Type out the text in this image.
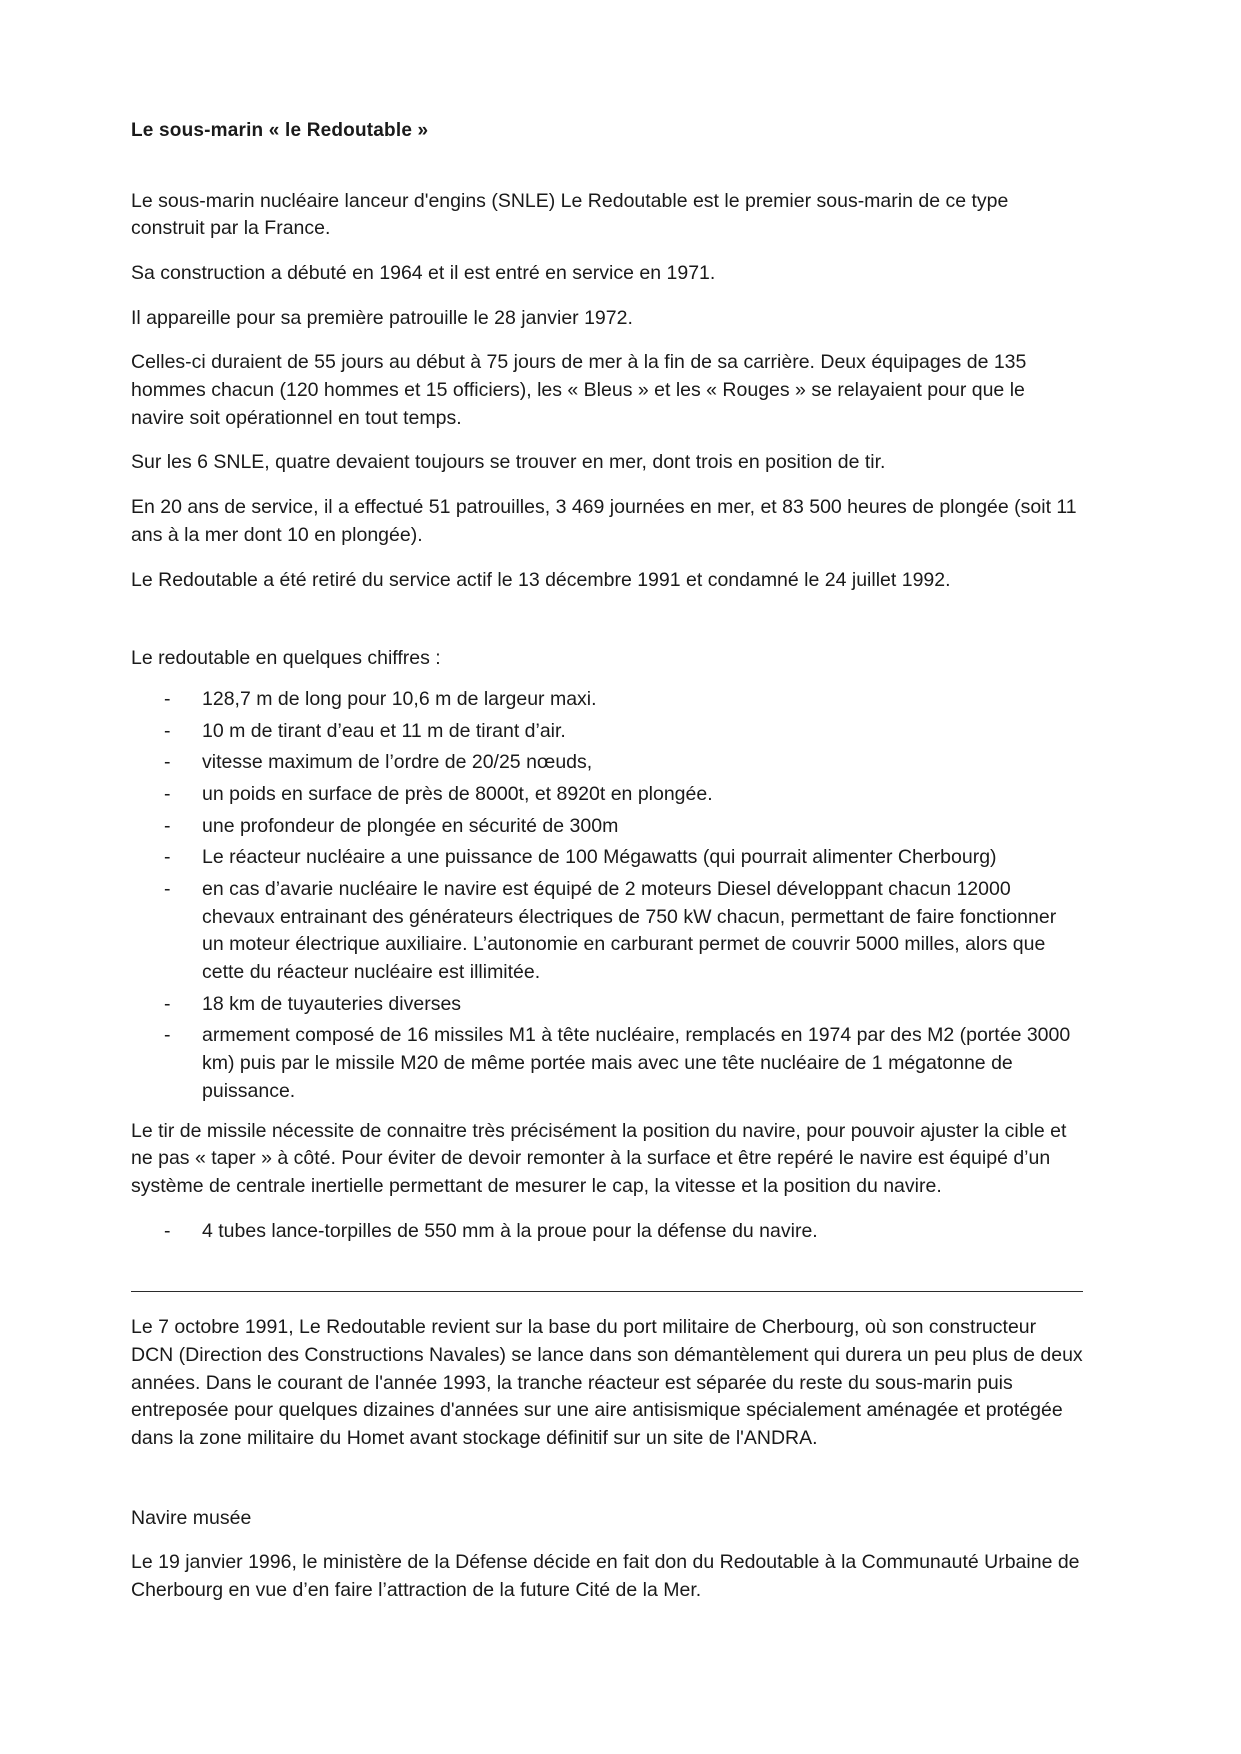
Le sous-marin « le Redoutable »

Le sous-marin nucléaire lanceur d'engins (SNLE) Le Redoutable est le premier sous-marin de ce type construit par la France.

Sa construction a débuté en 1964 et il est entré en service en 1971.

Il appareille pour sa première patrouille le 28 janvier 1972.

Celles-ci duraient de 55 jours au début à 75 jours de mer à la fin de sa carrière. Deux équipages de 135 hommes chacun (120 hommes et 15 officiers), les « Bleus » et les « Rouges » se relayaient pour que le navire soit opérationnel en tout temps.

Sur les 6 SNLE, quatre devaient toujours se trouver en mer, dont trois en position de tir.

En 20 ans de service, il a effectué 51 patrouilles, 3 469 journées en mer, et 83 500 heures de plongée (soit 11 ans à la mer dont 10 en plongée).

Le Redoutable a été retiré du service actif le 13 décembre 1991 et condamné le 24 juillet 1992.

Le redoutable en quelques chiffres :

- 128,7 m de long pour 10,6 m de largeur maxi.
- 10 m de tirant d’eau et 11 m de tirant d’air.
- vitesse maximum de l’ordre de 20/25 nœuds,
- un poids en surface de près de 8000t, et 8920t en plongée.
- une profondeur de plongée en sécurité de 300m
- Le réacteur nucléaire a une puissance de 100 Mégawatts (qui pourrait alimenter Cherbourg)
- en cas d’avarie nucléaire le navire est équipé de 2 moteurs Diesel développant chacun 12000 chevaux entrainant des générateurs électriques de 750 kW chacun, permettant de faire fonctionner un moteur électrique auxiliaire. L’autonomie en carburant permet de couvrir 5000 milles, alors que cette du réacteur nucléaire est illimitée.
- 18 km de tuyauteries diverses
- armement composé de 16 missiles M1 à tête nucléaire, remplacés en 1974 par des M2 (portée 3000 km) puis par le missile M20 de même portée mais avec une tête nucléaire de 1 mégatonne de puissance.

Le tir de missile nécessite de connaitre très précisément la position du navire, pour pouvoir ajuster la cible et ne pas « taper » à côté. Pour éviter de devoir remonter à la surface et être repéré le navire est équipé d’un système de centrale inertielle permettant de mesurer le cap, la vitesse et la position du navire.

- 4 tubes lance-torpilles de 550 mm à la proue pour la défense du navire.

Le 7 octobre 1991, Le Redoutable revient sur la base du port militaire de Cherbourg, où son constructeur DCN (Direction des Constructions Navales) se lance dans son démantèlement qui durera un peu plus de deux années. Dans le courant de l'année 1993, la tranche réacteur est séparée du reste du sous-marin puis entreposée pour quelques dizaines d'années sur une aire antisismique spécialement aménagée et protégée dans la zone militaire du Homet avant stockage définitif sur un site de l'ANDRA.

Navire musée

Le 19 janvier 1996, le ministère de la Défense décide en fait don du Redoutable à la Communauté Urbaine de Cherbourg en vue d’en faire l’attraction de la future Cité de la Mer.
